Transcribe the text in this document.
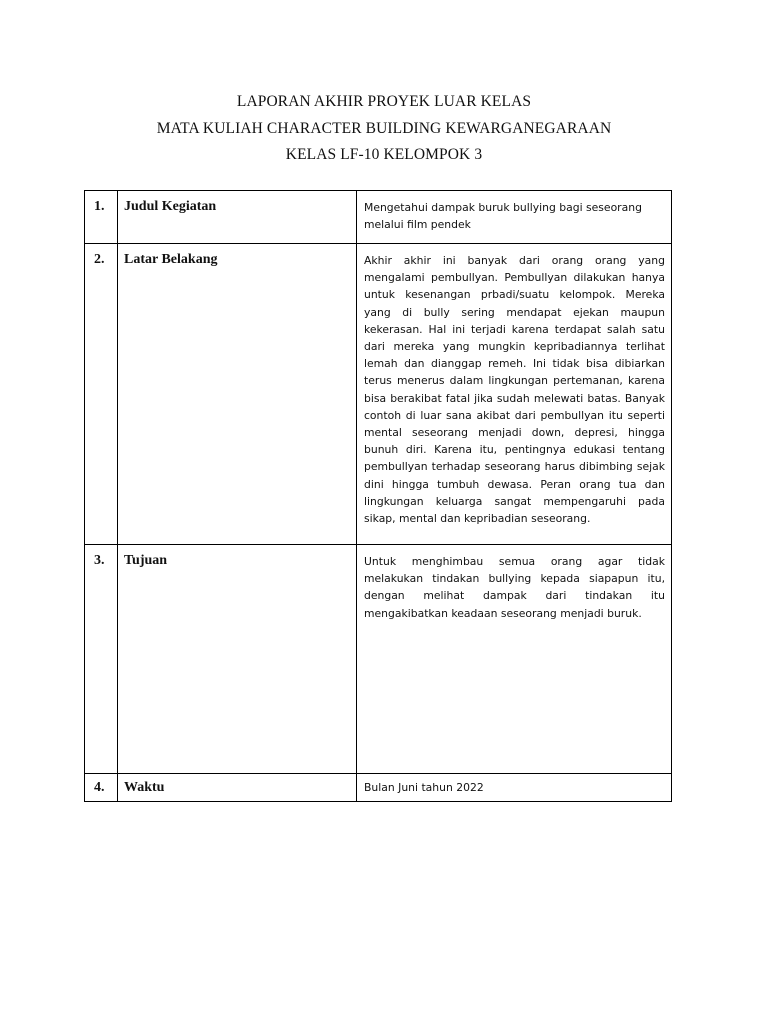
LAPORAN AKHIR PROYEK LUAR KELAS
MATA KULIAH CHARACTER BUILDING KEWARGANEGARAAN
KELAS LF-10 KELOMPOK 3
1.	Judul Kegiatan	Mengetahui dampak buruk bullying bagi seseorang melalui film pendek

2.	Latar Belakang	Akhir akhir ini banyak dari orang orang yang mengalami pembullyan. Pembullyan dilakukan hanya untuk kesenangan prbadi/suatu kelompok. Mereka yang di bully sering mendapat ejekan maupun kekerasan. Hal ini terjadi karena terdapat salah satu dari mereka yang mungkin kepribadiannya terlihat lemah dan dianggap remeh. Ini tidak bisa dibiarkan terus menerus dalam lingkungan pertemanan, karena bisa berakibat fatal jika sudah melewati batas. Banyak contoh di luar sana akibat dari pembullyan itu seperti mental seseorang menjadi down, depresi, hingga bunuh diri. Karena itu, pentingnya edukasi tentang pembullyan terhadap seseorang harus dibimbing sejak dini hingga tumbuh dewasa. Peran orang tua dan lingkungan keluarga sangat mempengaruhi pada sikap, mental dan kepribadian seseorang.

3.	Tujuan	Untuk menghimbau semua orang agar tidak melakukan tindakan bullying kepada siapapun itu, dengan melihat dampak dari tindakan itu mengakibatkan keadaan seseorang menjadi buruk.

4.	Waktu	Bulan Juni tahun 2022
